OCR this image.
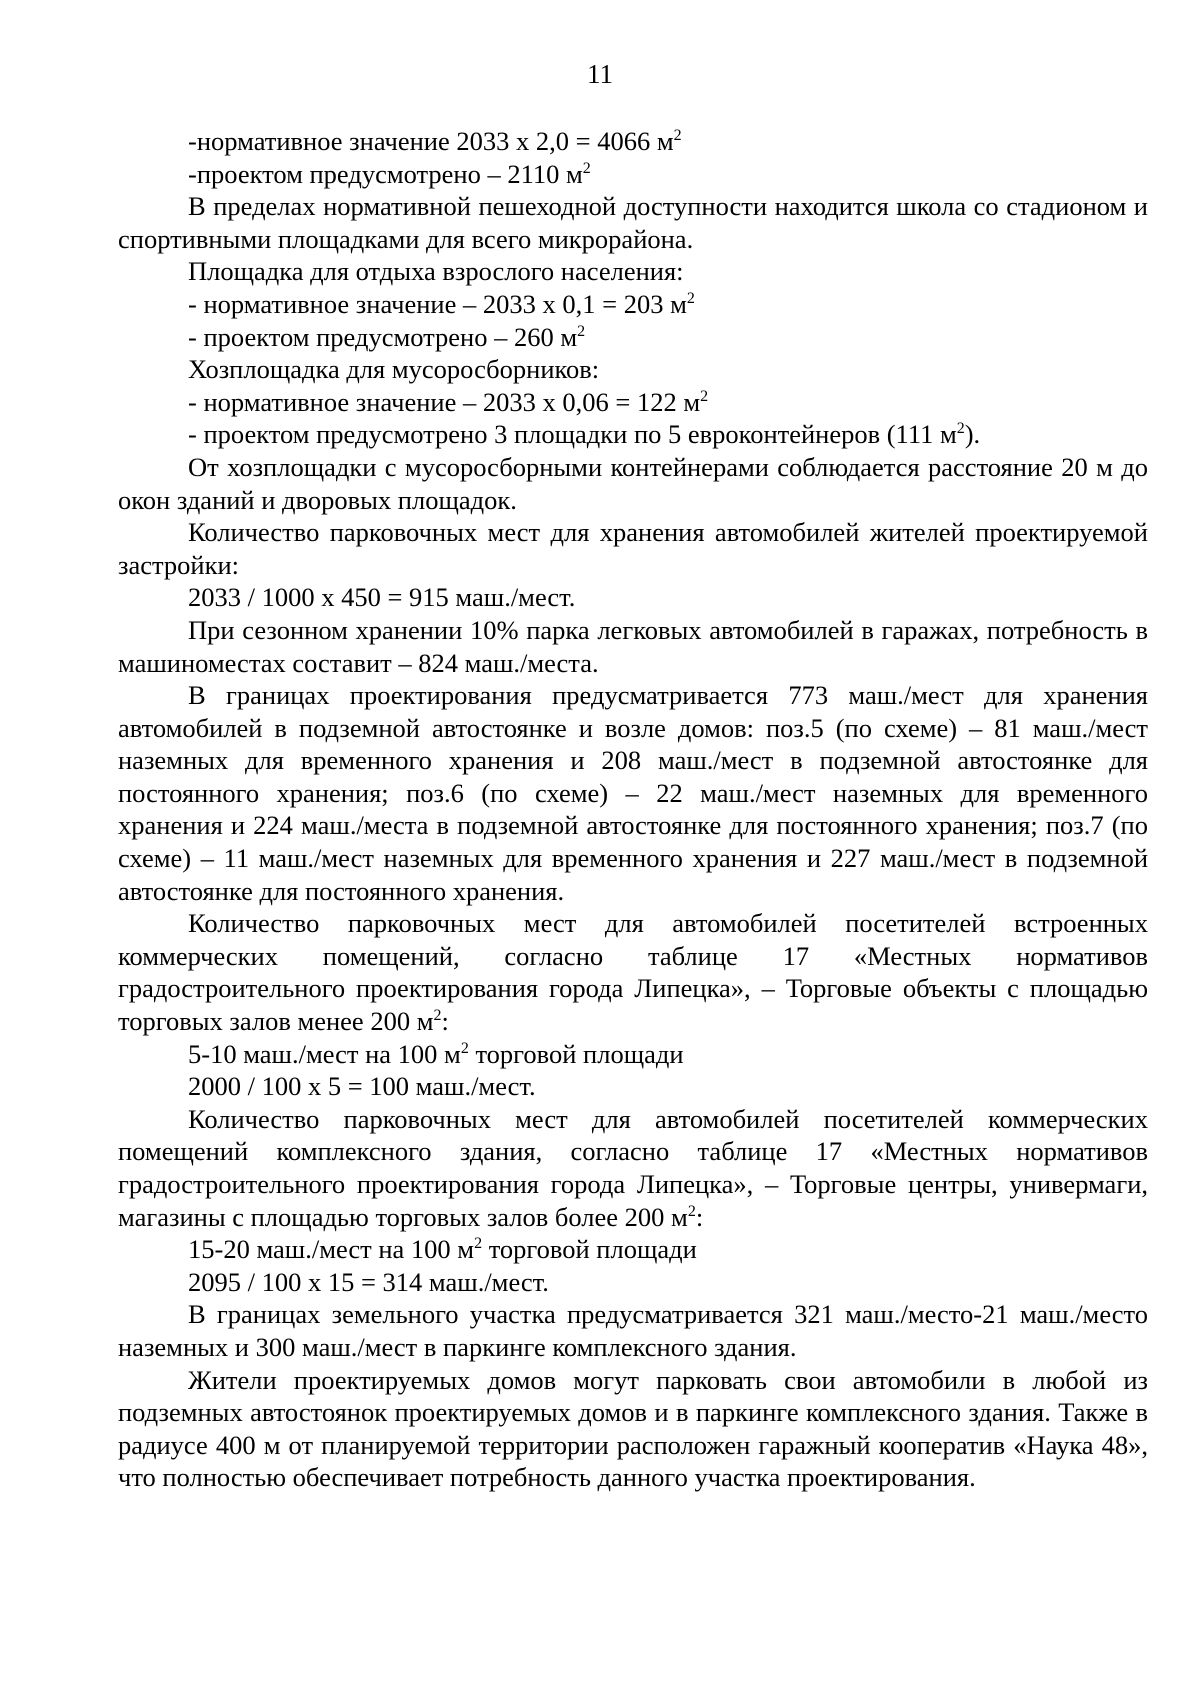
11

-нормативное значение 2033 х 2,0 = 4066 $м^2$

-проектом предусмотрено – 2110 $м^2$

В пределах нормативной пешеходной доступности находится школа со стадионом и спортивными площадками для всего микрорайона.

Площадка для отдыха взрослого населения:

- нормативное значение – 2033 х 0,1 = 203 $м^2$

- проектом предусмотрено – 260 $м^2$

Хозплощадка для мусоросборников:

- нормативное значение – 2033 х 0,06 = 122 $м^2$

- проектом предусмотрено 3 площадки по 5 евроконтейнеров (111 $м^2$).

От хозплощадки с мусоросборными контейнерами соблюдается расстояние 20 м до окон зданий и дворовых площадок.

Количество парковочных мест для хранения автомобилей жителей проектируемой застройки:

2033 / 1000 х 450 = 915 маш./мест.

При сезонном хранении 10% парка легковых автомобилей в гаражах, потребность в машиноместах составит – 824 маш./места.

В границах проектирования предусматривается 773 маш./мест для хранения автомобилей в подземной автостоянке и возле домов: поз.5 (по схеме) – 81 маш./мест наземных для временного хранения и 208 маш./мест в подземной автостоянке для постоянного хранения; поз.6 (по схеме) – 22 маш./мест наземных для временного хранения и 224 маш./места в подземной автостоянке для постоянного хранения; поз.7 (по схеме) – 11 маш./мест наземных для временного хранения и 227 маш./мест в подземной автостоянке для постоянного хранения.

Количество парковочных мест для автомобилей посетителей встроенных коммерческих помещений, согласно таблице 17 «Местных нормативов градостроительного проектирования города Липецка», – Торговые объекты с площадью торговых залов менее 200 $м^2$:

5-10 маш./мест на 100 $м^2$ торговой площади

2000 / 100 х 5 = 100 маш./мест.

Количество парковочных мест для автомобилей посетителей коммерческих помещений комплексного здания, согласно таблице 17 «Местных нормативов градостроительного проектирования города Липецка», – Торговые центры, универмаги, магазины с площадью торговых залов более 200 $м^2$:

15-20 маш./мест на 100 $м^2$ торговой площади

2095 / 100 х 15 = 314 маш./мест.

В границах земельного участка предусматривается 321 маш./место-21 маш./место наземных и 300 маш./мест в паркинге комплексного здания.

Жители проектируемых домов могут парковать свои автомобили в любой из подземных автостоянок проектируемых домов и в паркинге комплексного здания. Также в радиусе 400 м от планируемой территории расположен гаражный кооператив «Наука 48», что полностью обеспечивает потребность данного участка проектирования.
